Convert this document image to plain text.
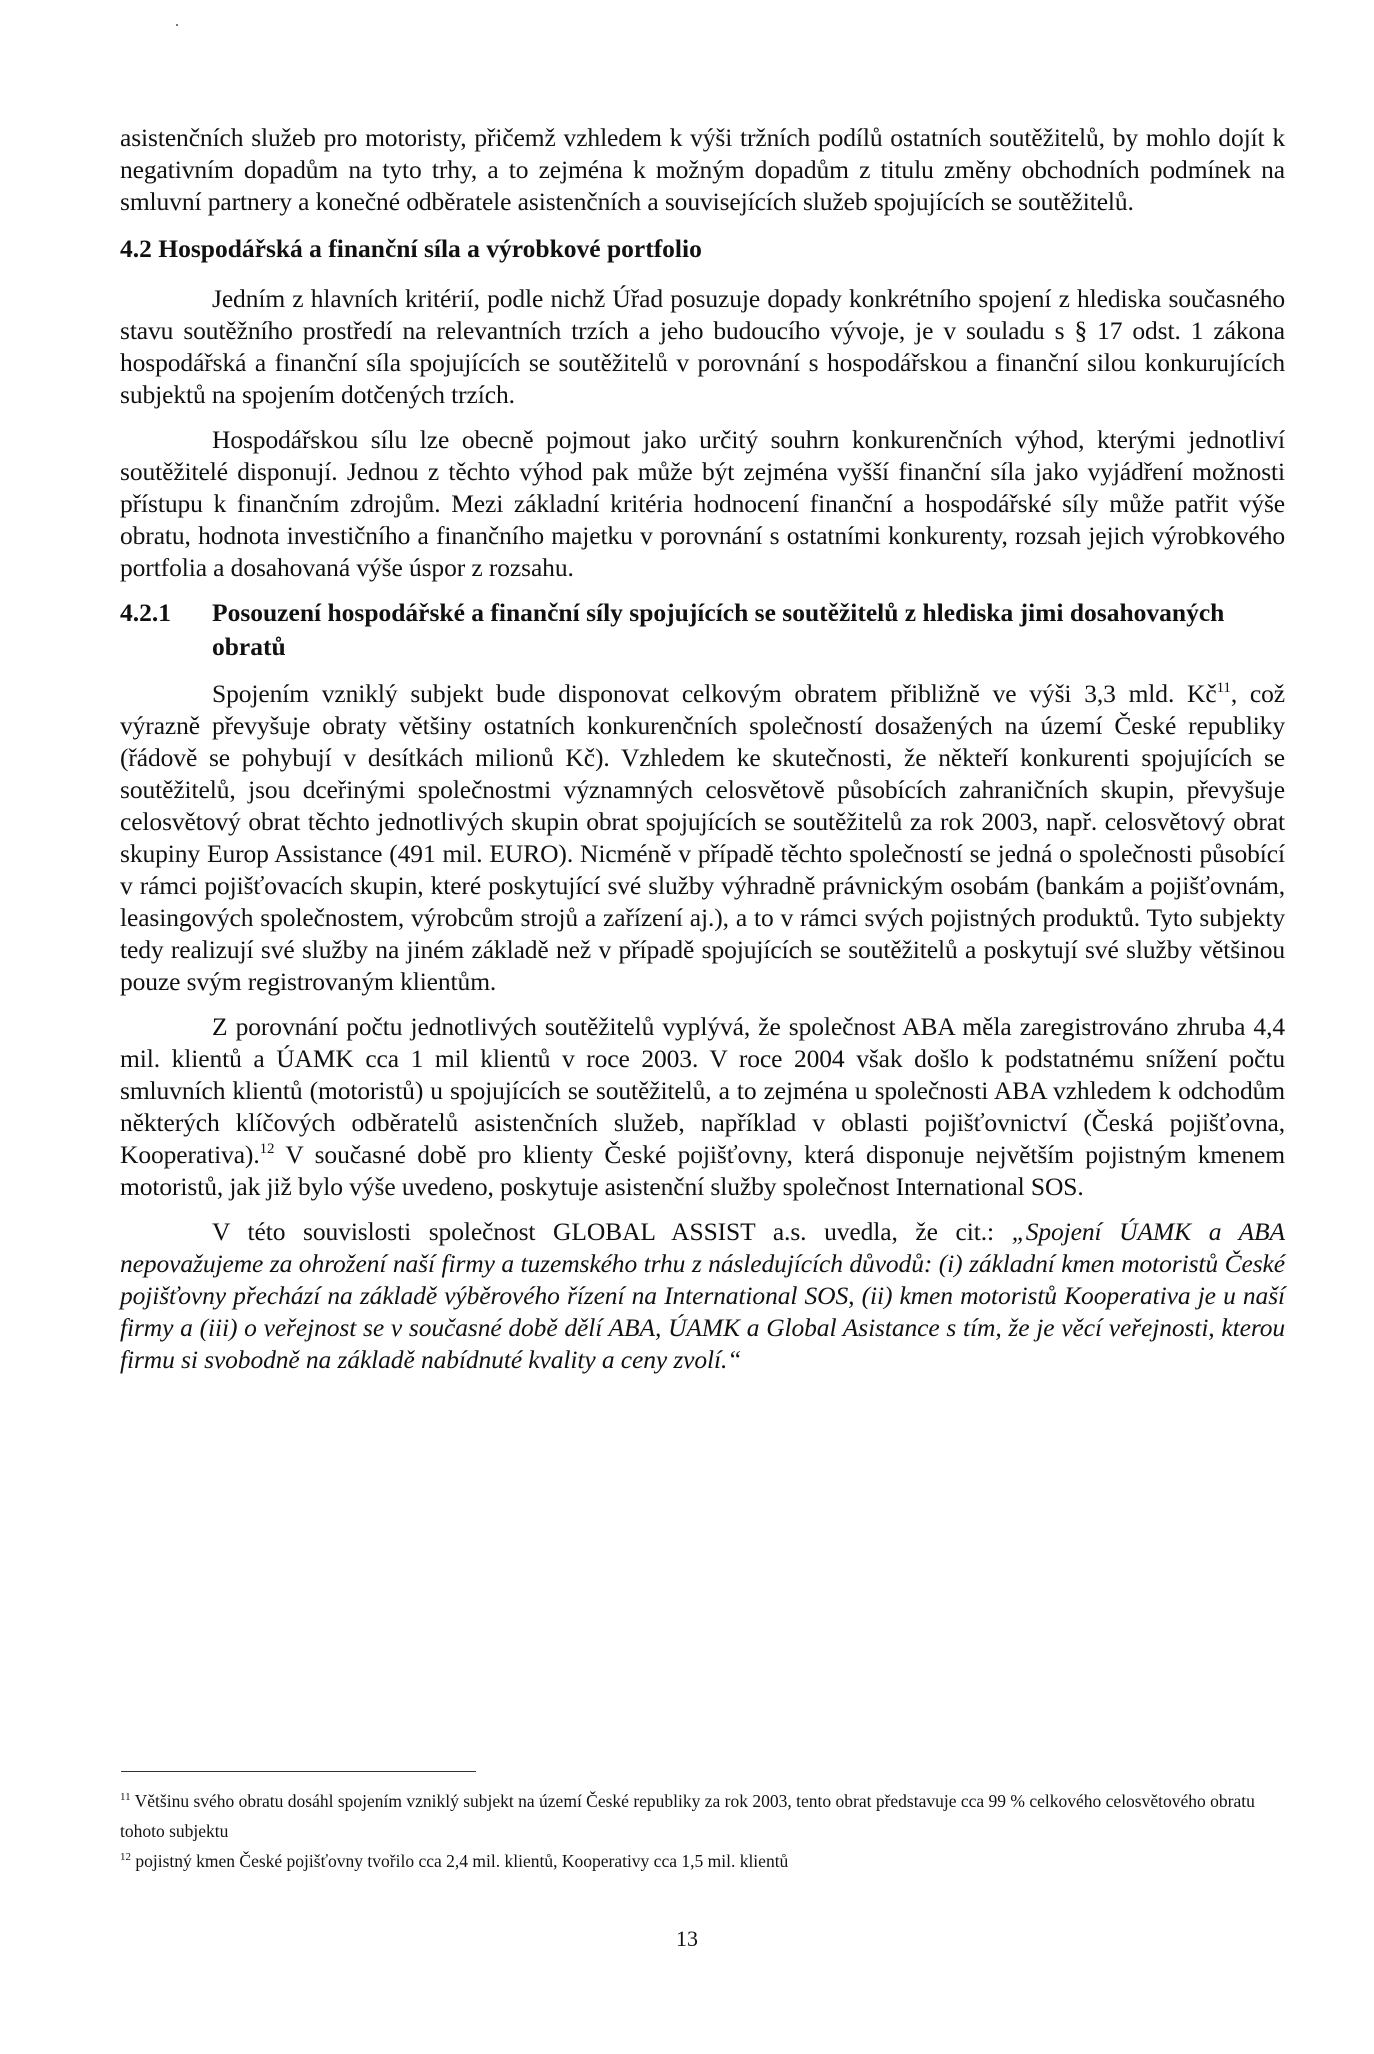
asistenčních služeb pro motoristy, přičemž vzhledem k výši tržních podílů ostatních soutěžitelů, by mohlo dojít k negativním dopadům na tyto trhy, a to zejména k možným dopadům z titulu změny obchodních podmínek na smluvní partnery a konečné odběratele asistenčních a souvisejících služeb spojujících se soutěžitelů.

4.2 Hospodářská a finanční síla a výrobkové portfolio

Jedním z hlavních kritérií, podle nichž Úřad posuzuje dopady konkrétního spojení z hlediska současného stavu soutěžního prostředí na relevantních trzích a jeho budoucího vývoje, je v souladu s § 17 odst. 1 zákona hospodářská a finanční síla spojujících se soutěžitelů v porovnání s hospodářskou a finanční silou konkurujících subjektů na spojením dotčených trzích.

Hospodářskou sílu lze obecně pojmout jako určitý souhrn konkurenčních výhod, kterými jednotliví soutěžitelé disponují. Jednou z těchto výhod pak může být zejména vyšší finanční síla jako vyjádření možnosti přístupu k finančním zdrojům. Mezi základní kritéria hodnocení finanční a hospodářské síly může patřit výše obratu, hodnota investičního a finančního majetku v porovnání s ostatními konkurenty, rozsah jejich výrobkového portfolia a dosahovaná výše úspor z rozsahu.

4.2.1	Posouzení hospodářské a finanční síly spojujících se soutěžitelů z hlediska jimi dosahovaných obratů

Spojením vzniklý subjekt bude disponovat celkovým obratem přibližně ve výši 3,3 mld. $Kč^{11}$, což výrazně převyšuje obraty většiny ostatních konkurenčních společností dosažených na území České republiky (řádově se pohybují v desítkách milionů Kč). Vzhledem ke skutečnosti, že někteří konkurenti spojujících se soutěžitelů, jsou dceřinými společnostmi významných celosvětově působících zahraničních skupin, převyšuje celosvětový obrat těchto jednotlivých skupin obrat spojujících se soutěžitelů za rok 2003, např. celosvětový obrat skupiny Europ Assistance (491 mil. EURO). Nicméně v případě těchto společností se jedná o společnosti působící v rámci pojišťovacích skupin, které poskytující své služby výhradně právnickým osobám (bankám a pojišťovnám, leasingových společnostem, výrobcům strojů a zařízení aj.), a to v rámci svých pojistných produktů. Tyto subjekty tedy realizují své služby na jiném základě než v případě spojujících se soutěžitelů a poskytují své služby většinou pouze svým registrovaným klientům.

Z porovnání počtu jednotlivých soutěžitelů vyplývá, že společnost ABA měla zaregistrováno zhruba 4,4 mil. klientů a ÚAMK cca 1 mil klientů v roce 2003. V roce 2004 však došlo k podstatnému snížení počtu smluvních klientů (motoristů) u spojujících se soutěžitelů, a to zejména u společnosti ABA vzhledem k odchodům některých klíčových odběratelů asistenčních služeb, například v oblasti pojišťovnictví (Česká pojišťovna, Kooperativa).$^{12}$ V současné době pro klienty České pojišťovny, která disponuje největším pojistným kmenem motoristů, jak již bylo výše uvedeno, poskytuje asistenční služby společnost International SOS.

V této souvislosti společnost GLOBAL ASSIST a.s. uvedla, že cit.: „Spojení ÚAMK a ABA nepovažujeme za ohrožení naší firmy a tuzemského trhu z následujících důvodů: (i) základní kmen motoristů České pojišťovny přechází na základě výběrového řízení na International SOS, (ii) kmen motoristů Kooperativa je u naší firmy a (iii) o veřejnost se v současné době dělí ABA, ÚAMK a Global Asistance s tím, že je věcí veřejnosti, kterou firmu si svobodně na základě nabídnuté kvality a ceny zvolí.“

$^{11}$ Většinu svého obratu dosáhl spojením vzniklý subjekt na území České republiky za rok 2003, tento obrat představuje cca 99 % celkového celosvětového obratu tohoto subjektu

$^{12}$ pojistný kmen České pojišťovny tvořilo cca 2,4 mil. klientů, Kooperativy cca 1,5 mil. klientů

13
